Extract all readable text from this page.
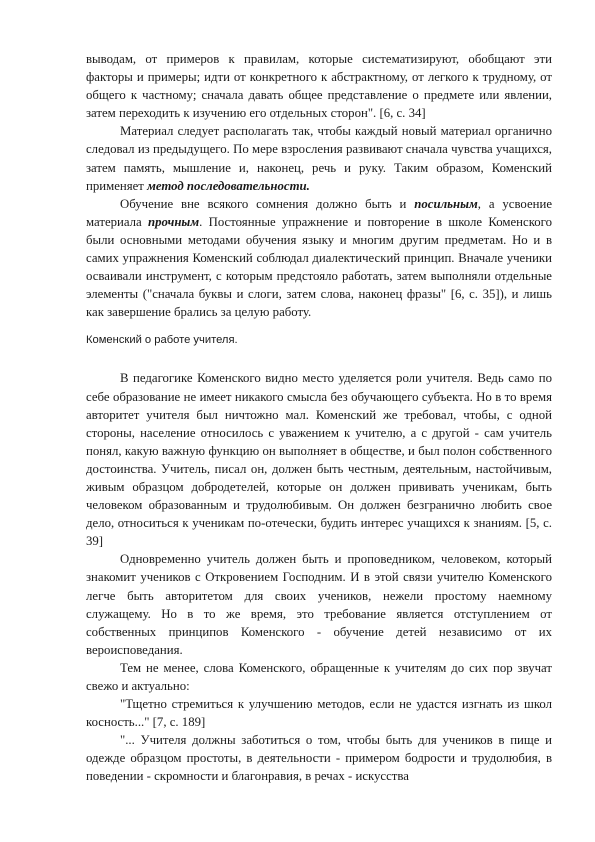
выводам, от примеров к правилам, которые систематизируют, обобщают эти факторы и примеры; идти от конкретного к абстрактному, от легкого к трудному, от общего к частному; сначала давать общее представление о предмете или явлении, затем переходить к изучению его отдельных сторон". [6, с. 34]

Материал следует располагать так, чтобы каждый новый материал органично следовал из предыдущего. По мере взросления развивают сначала чувства учащихся, затем память, мышление и, наконец, речь и руку. Таким образом, Коменский применяет метод последовательности.

Обучение вне всякого сомнения должно быть и посильным, а усвоение материала прочным. Постоянные упражнение и повторение в школе Коменского были основными методами обучения языку и многим другим предметам. Но и в самих упражнения Коменский соблюдал диалектический принцип. Вначале ученики осваивали инструмент, с которым предстояло работать, затем выполняли отдельные элементы ("сначала буквы и слоги, затем слова, наконец фразы" [6, с. 35]), и лишь как завершение брались за целую работу.

Коменский о работе учителя.

В педагогике Коменского видно место уделяется роли учителя. Ведь само по себе образование не имеет никакого смысла без обучающего субъекта. Но в то время авторитет учителя был ничтожно мал. Коменский же требовал, чтобы, с одной стороны, население относилось с уважением к учителю, а с другой - сам учитель понял, какую важную функцию он выполняет в обществе, и был полон собственного достоинства. Учитель, писал он, должен быть честным, деятельным, настойчивым, живым образцом добродетелей, которые он должен прививать ученикам, быть человеком образованным и трудолюбивым. Он должен безгранично любить свое дело, относиться к ученикам по-отечески, будить интерес учащихся к знаниям. [5, с. 39]

Одновременно учитель должен быть и проповедником, человеком, который знакомит учеников с Откровением Господним. И в этой связи учителю Коменского легче быть авторитетом для своих учеников, нежели простому наемному служащему. Но в то же время, это требование является отступлением от собственных принципов Коменского - обучение детей независимо от их вероисповедания.

Тем не менее, слова Коменского, обращенные к учителям до сих пор звучат свежо и актуально:

"Тщетно стремиться к улучшению методов, если не удастся изгнать из школ косность..." [7, с. 189]

"... Учителя должны заботиться о том, чтобы быть для учеников в пище и одежде образцом простоты, в деятельности - примером бодрости и трудолюбия, в поведении - скромности и благонравия, в речах - искусства
